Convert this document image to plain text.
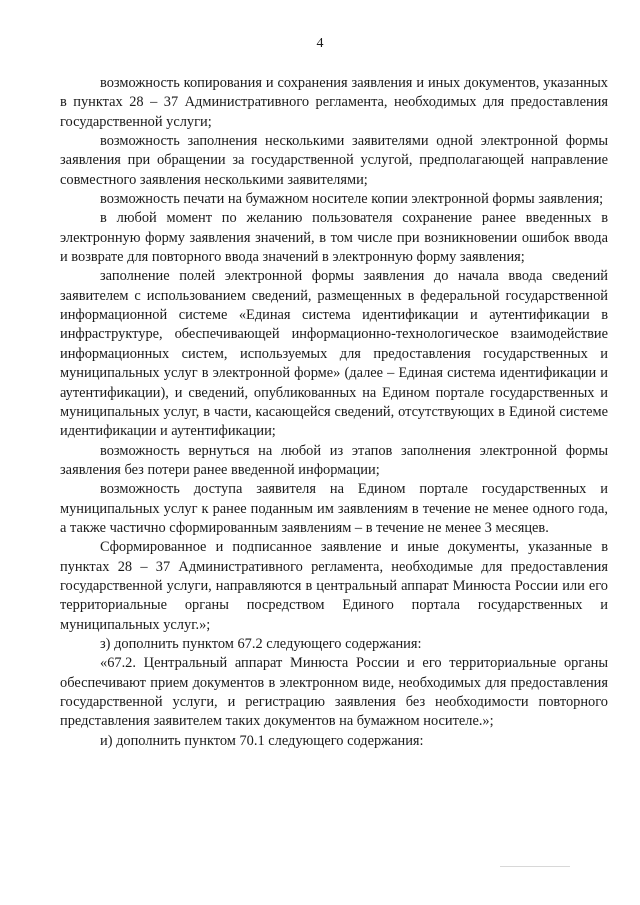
4

возможность копирования и сохранения заявления и иных документов, указанных в пунктах 28 – 37 Административного регламента, необходимых для предоставления государственной услуги;

возможность заполнения несколькими заявителями одной электронной формы заявления при обращении за государственной услугой, предполагающей направление совместного заявления несколькими заявителями;

возможность печати на бумажном носителе копии электронной формы заявления;

в любой момент по желанию пользователя сохранение ранее введенных в электронную форму заявления значений, в том числе при возникновении ошибок ввода и возврате для повторного ввода значений в электронную форму заявления;

заполнение полей электронной формы заявления до начала ввода сведений заявителем с использованием сведений, размещенных в федеральной государственной информационной системе «Единая система идентификации и аутентификации в инфраструктуре, обеспечивающей информационно-технологическое взаимодействие информационных систем, используемых для предоставления государственных и муниципальных услуг в электронной форме» (далее – Единая система идентификации и аутентификации), и сведений, опубликованных на Едином портале государственных и муниципальных услуг, в части, касающейся сведений, отсутствующих в Единой системе идентификации и аутентификации;

возможность вернуться на любой из этапов заполнения электронной формы заявления без потери ранее введенной информации;

возможность доступа заявителя на Едином портале государственных и муниципальных услуг к ранее поданным им заявлениям в течение не менее одного года, а также частично сформированным заявлениям – в течение не менее 3 месяцев.

Сформированное и подписанное заявление и иные документы, указанные в пунктах 28 – 37 Административного регламента, необходимые для предоставления государственной услуги, направляются в центральный аппарат Минюста России или его территориальные органы посредством Единого портала государственных и муниципальных услуг.»;

з) дополнить пунктом 67.2 следующего содержания:

«67.2. Центральный аппарат Минюста России и его территориальные органы обеспечивают прием документов в электронном виде, необходимых для предоставления государственной услуги, и регистрацию заявления без необходимости повторного представления заявителем таких документов на бумажном носителе.»;

и) дополнить пунктом 70.1 следующего содержания:
